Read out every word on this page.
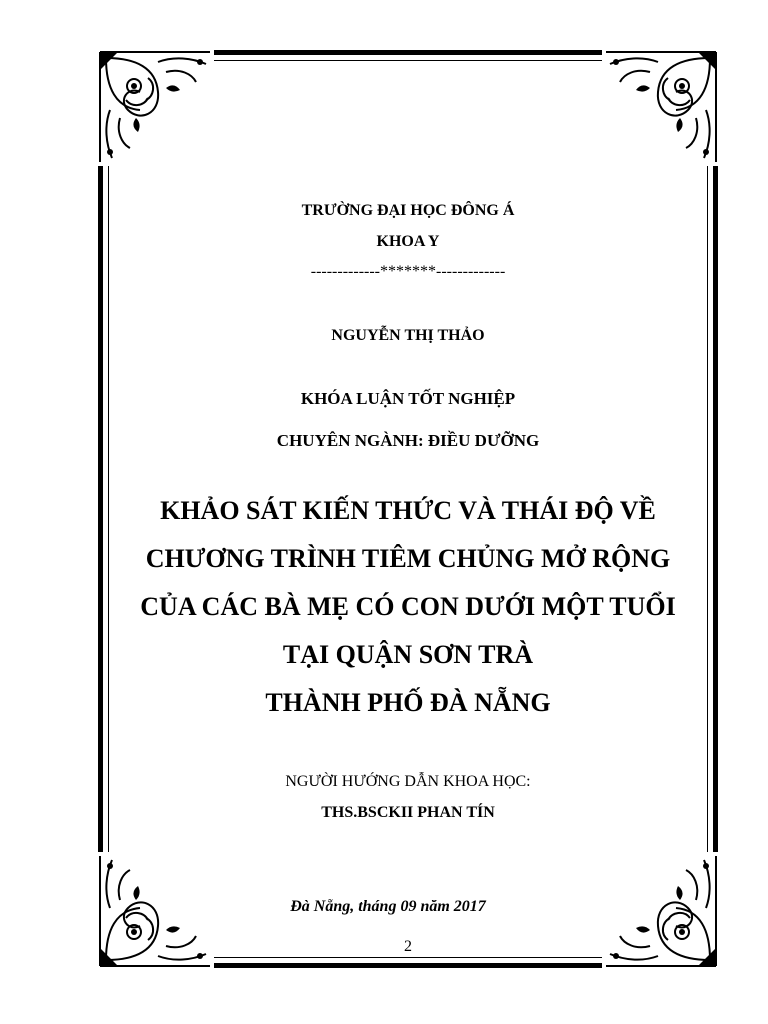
TRƯỜNG ĐẠI HỌC ĐÔNG Á
KHOA Y
-------------*******-------------
NGUYỄN THỊ THẢO
KHÓA LUẬN TỐT NGHIỆP
CHUYÊN NGÀNH: ĐIỀU DƯỠNG
KHẢO SÁT KIẾN THỨC VÀ THÁI ĐỘ VỀ
CHƯƠNG TRÌNH TIÊM CHỦNG MỞ RỘNG
CỦA CÁC BÀ MẸ CÓ CON DƯỚI MỘT TUỔI
TẠI QUẬN SƠN TRÀ
THÀNH PHỐ ĐÀ NẴNG
NGƯỜI HƯỚNG DẪN KHOA HỌC:
THS.BSCKII PHAN TÍN
Đà Nẵng, tháng 09 năm 2017
2
